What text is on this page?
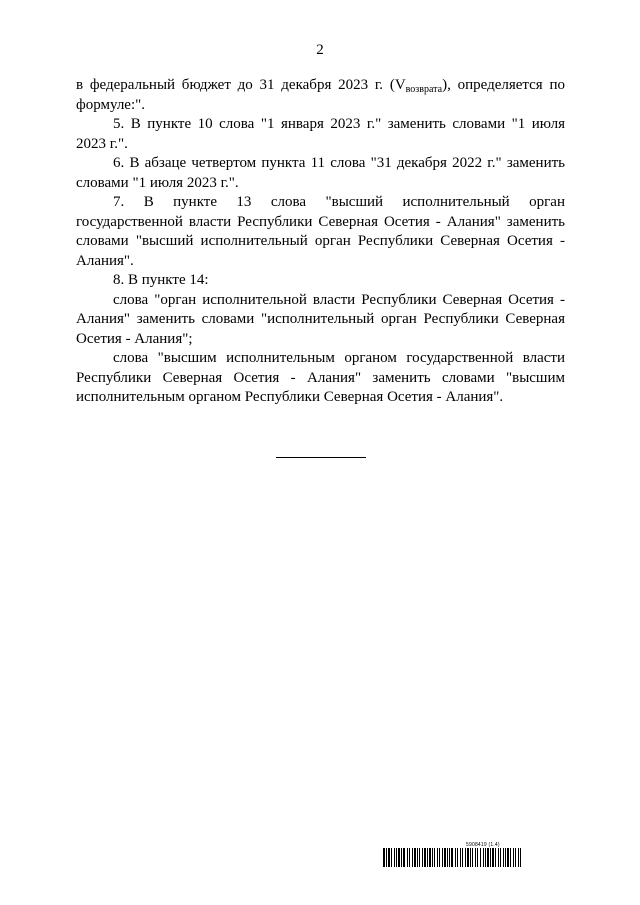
2

в федеральный бюджет до 31 декабря 2023 г. $(V_{возврата})$, определяется по формуле:".

5. В пункте 10 слова "1 января 2023 г." заменить словами "1 июля 2023 г.".

6. В абзаце четвертом пункта 11 слова "31 декабря 2022 г." заменить словами "1 июля 2023 г.".

7. В пункте 13 слова "высший исполнительный орган государственной власти Республики Северная Осетия - Алания" заменить словами "высший исполнительный орган Республики Северная Осетия - Алания".

8. В пункте 14:

слова "орган исполнительной власти Республики Северная Осетия - Алания" заменить словами "исполнительный орган Республики Северная Осетия - Алания";

слова "высшим исполнительным органом государственной власти Республики Северная Осетия - Алания" заменить словами "высшим исполнительным органом Республики Северная Осетия - Алания".

5908419 (1.4)
